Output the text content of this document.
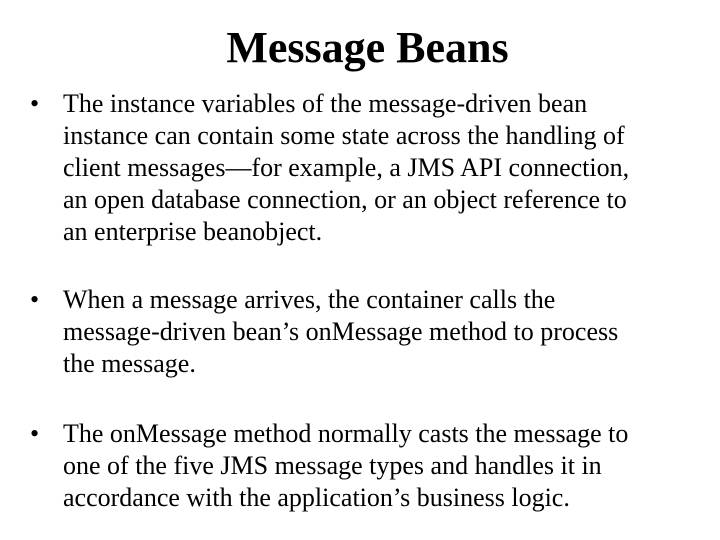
Message Beans
• The instance variables of the message-driven bean
instance can contain some state across the handling of
client messages—for example, a JMS API connection,
an open database connection, or an object reference to
an enterprise beanobject.
• When a message arrives, the container calls the
message-driven bean’s onMessage method to process
the message.
• The onMessage method normally casts the message to
one of the five JMS message types and handles it in
accordance with the application’s business logic.
